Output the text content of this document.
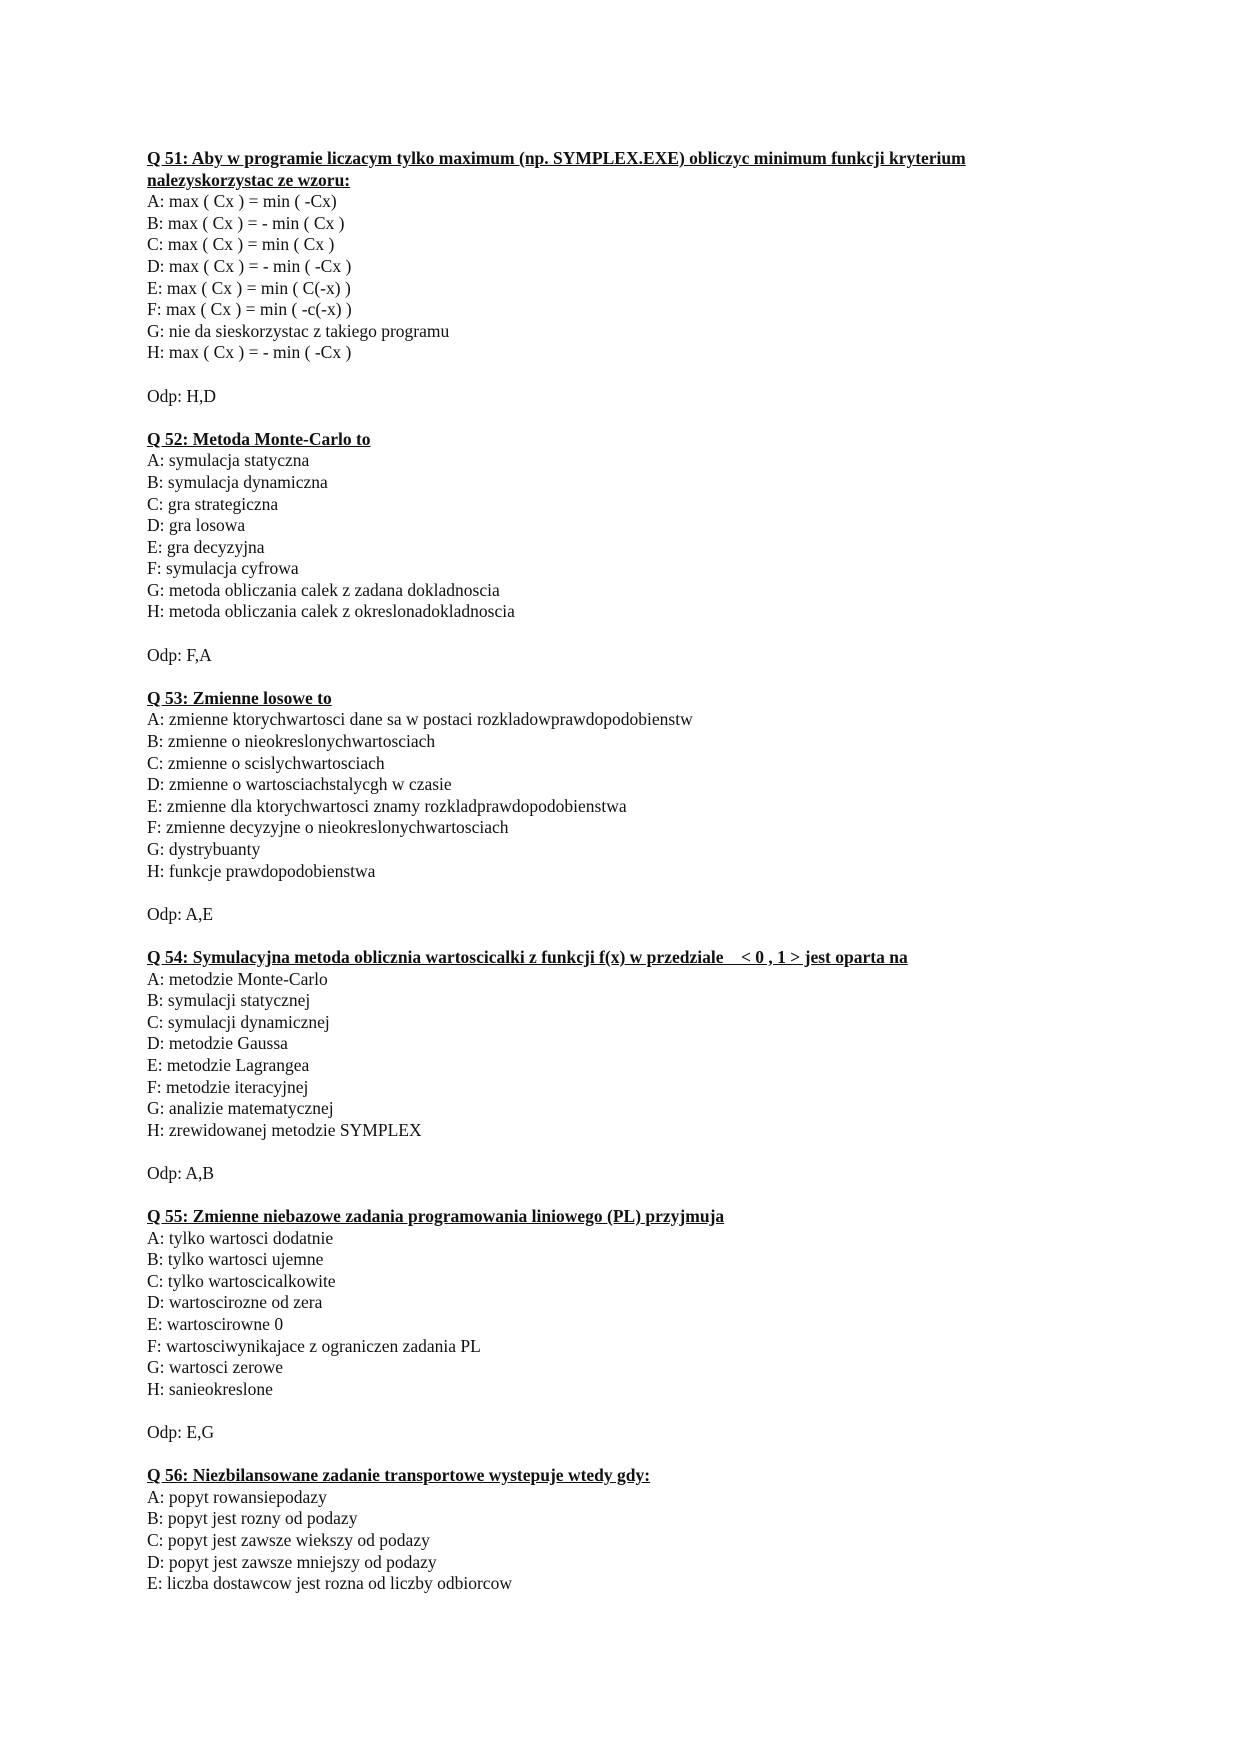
Q 51: Aby w programie liczacym tylko maximum (np. SYMPLEX.EXE) obliczyc minimum funkcji kryterium

nalezyskorzystac ze wzoru:

A: max ( Cx ) = min ( -Cx)

B: max ( Cx ) = - min ( Cx )

C: max ( Cx ) = min ( Cx )

D: max ( Cx ) = - min ( -Cx )

E: max ( Cx ) = min ( C(-x) )

F: max ( Cx ) = min ( -c(-x) )

G: nie da sieskorzystac z takiego programu

H: max ( Cx ) = - min ( -Cx )

Odp: H,D

Q 52: Metoda Monte-Carlo to

A: symulacja statyczna

B: symulacja dynamiczna

C: gra strategiczna

D: gra losowa

E: gra decyzyjna

F: symulacja cyfrowa

G: metoda obliczania calek z zadana dokladnoscia

H: metoda obliczania calek z okreslonadokladnoscia

Odp: F,A

Q 53: Zmienne losowe to

A: zmienne ktorychwartosci dane sa w postaci rozkladowprawdopodobienstw

B: zmienne o nieokreslonychwartosciach

C: zmienne o scislychwartosciach

D: zmienne o wartosciachstalycgh w czasie

E: zmienne dla ktorychwartosci znamy rozkladprawdopodobienstwa

F: zmienne decyzyjne o nieokreslonychwartosciach

G: dystrybuanty

H: funkcje prawdopodobienstwa

Odp: A,E

Q 54: Symulacyjna metoda oblicznia wartoscicalki z funkcji f(x) w przedziale    < 0 , 1 > jest oparta na

A: metodzie Monte-Carlo

B: symulacji statycznej

C: symulacji dynamicznej

D: metodzie Gaussa

E: metodzie Lagrangea

F: metodzie iteracyjnej

G: analizie matematycznej

H: zrewidowanej metodzie SYMPLEX

Odp: A,B

Q 55: Zmienne niebazowe zadania programowania liniowego (PL) przyjmuja

A: tylko wartosci dodatnie

B: tylko wartosci ujemne

C: tylko wartoscicalkowite

D: wartoscirozne od zera

E: wartoscirowne 0

F: wartosciwynikajace z ograniczen zadania PL

G: wartosci zerowe

H: sanieokreslone

Odp: E,G

Q 56: Niezbilansowane zadanie transportowe wystepuje wtedy gdy:

A: popyt rowansiepodazy

B: popyt jest rozny od podazy

C: popyt jest zawsze wiekszy od podazy

D: popyt jest zawsze mniejszy od podazy

E: liczba dostawcow jest rozna od liczby odbiorcow
